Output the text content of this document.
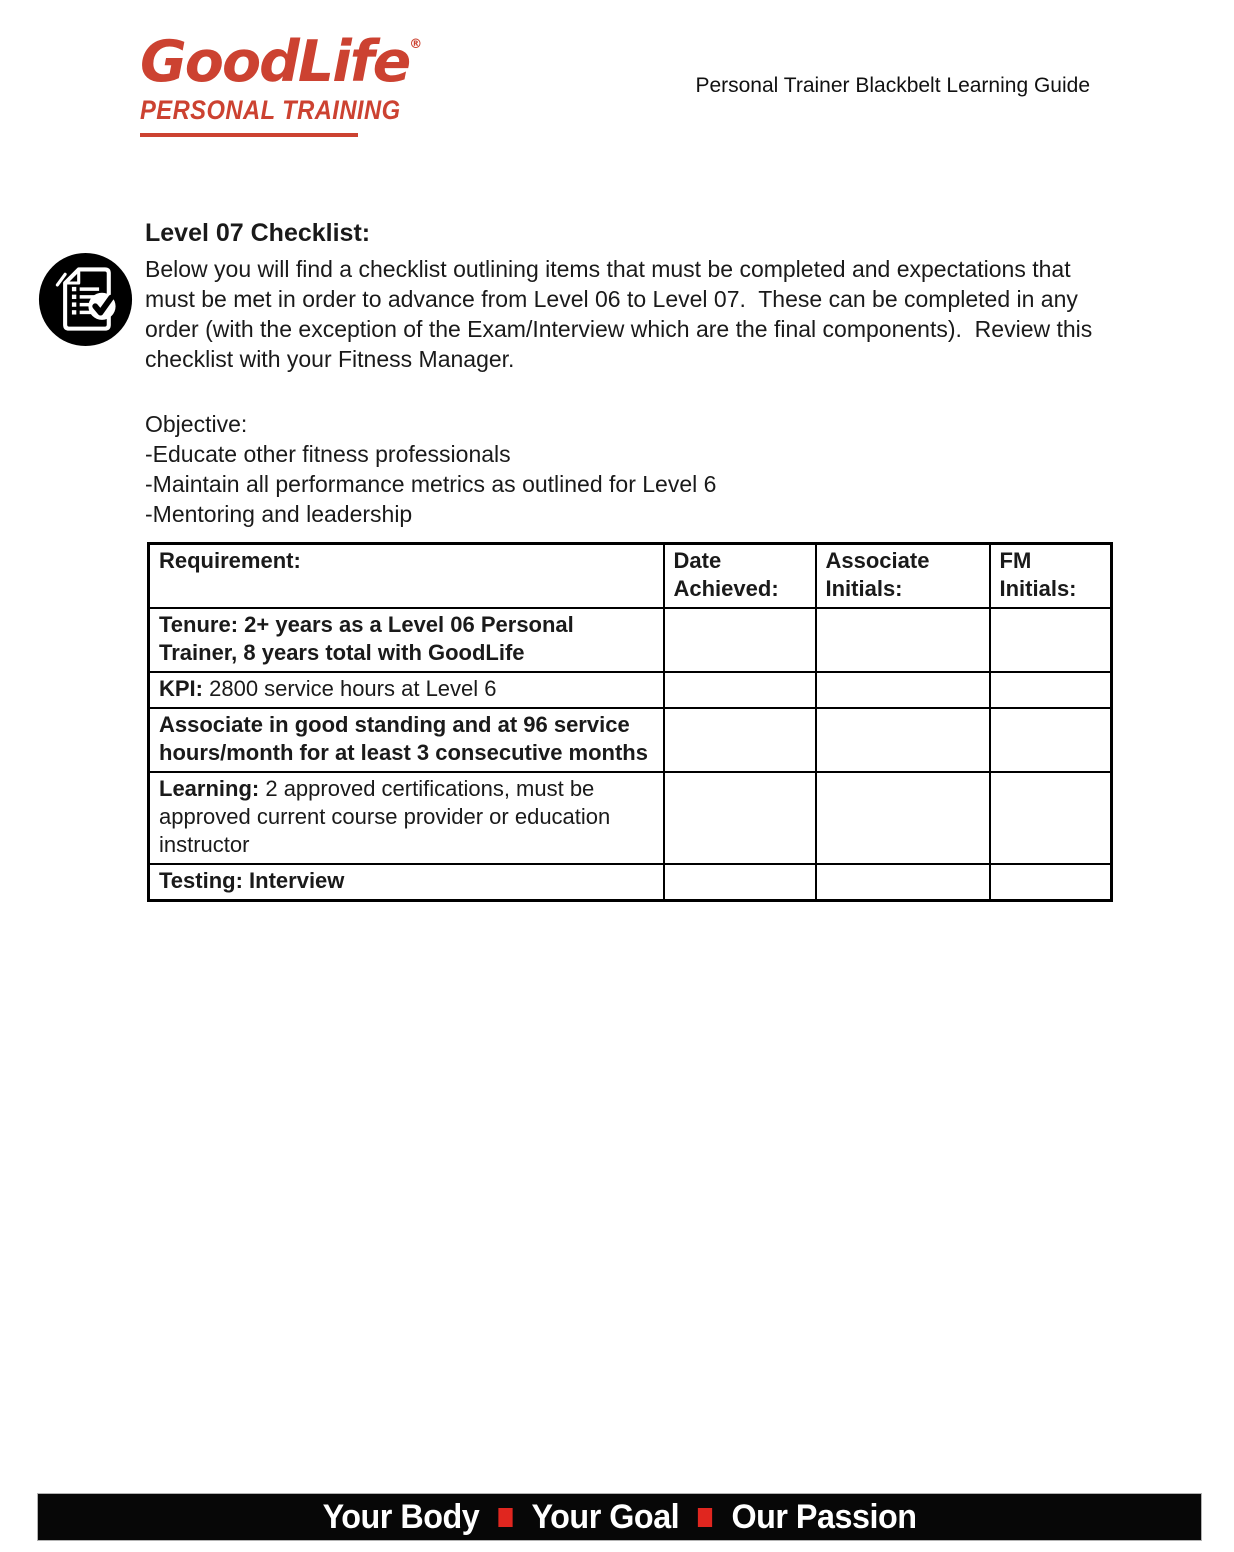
GoodLife®
PERSONAL TRAINING
Personal Trainer Blackbelt Learning Guide
Level 07 Checklist:
Below you will find a checklist outlining items that must be completed and expectations that must be met in order to advance from Level 06 to Level 07.  These can be completed in any order (with the exception of the Exam/Interview which are the final components).  Review this checklist with your Fitness Manager.
Objective:
-Educate other fitness professionals
-Maintain all performance metrics as outlined for Level 6
-Mentoring and leadership
Requirement:	Date Achieved:	Associate Initials:	FM Initials:
Tenure: 2+ years as a Level 06 Personal Trainer, 8 years total with GoodLife			
KPI: 2800 service hours at Level 6			
Associate in good standing and at 96 service hours/month for at least 3 consecutive months			
Learning: 2 approved certifications, must be approved current course provider or education instructor			
Testing: Interview			
Your Body Your Goal Our Passion
